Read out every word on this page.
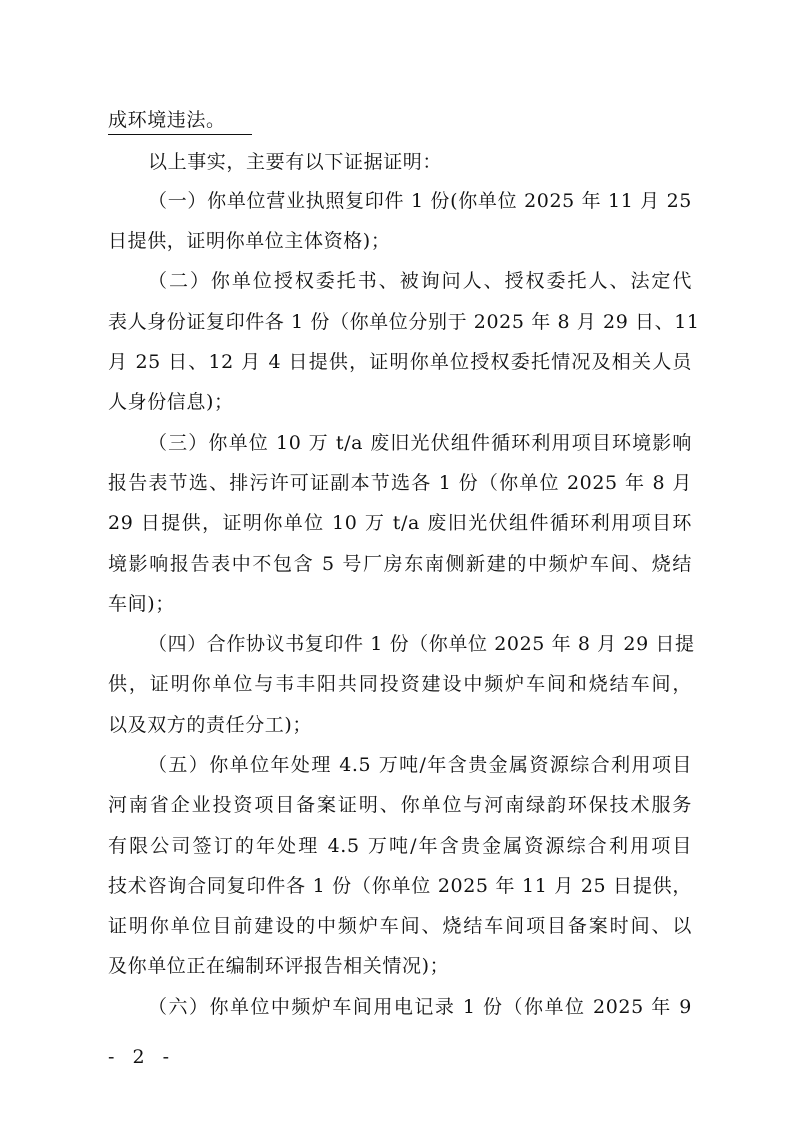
成环境违法。
以上事实，主要有以下证据证明：
（一）你单位营业执照复印件 1 份(你单位 2025 年 11 月 25
日提供，证明你单位主体资格)；
（二）你单位授权委托书、被询问人、授权委托人、法定代
表人身份证复印件各 1 份（你单位分别于 2025 年 8 月 29 日、11
月 25 日、12 月 4 日提供，证明你单位授权委托情况及相关人员
人身份信息)；
（三）你单位 10 万 t/a 废旧光伏组件循环利用项目环境影响
报告表节选、排污许可证副本节选各 1 份（你单位 2025 年 8 月
29 日提供，证明你单位 10 万 t/a 废旧光伏组件循环利用项目环
境影响报告表中不包含 5 号厂房东南侧新建的中频炉车间、烧结
车间)；
（四）合作协议书复印件 1 份（你单位 2025 年 8 月 29 日提
供，证明你单位与韦丰阳共同投资建设中频炉车间和烧结车间，
以及双方的责任分工)；
（五）你单位年处理 4.5 万吨/年含贵金属资源综合利用项目
河南省企业投资项目备案证明、你单位与河南绿韵环保技术服务
有限公司签订的年处理 4.5 万吨/年含贵金属资源综合利用项目
技术咨询合同复印件各 1 份（你单位 2025 年 11 月 25 日提供，
证明你单位目前建设的中频炉车间、烧结车间项目备案时间、以
及你单位正在编制环评报告相关情况)；
（六）你单位中频炉车间用电记录 1 份（你单位 2025 年 9
- 2 -
